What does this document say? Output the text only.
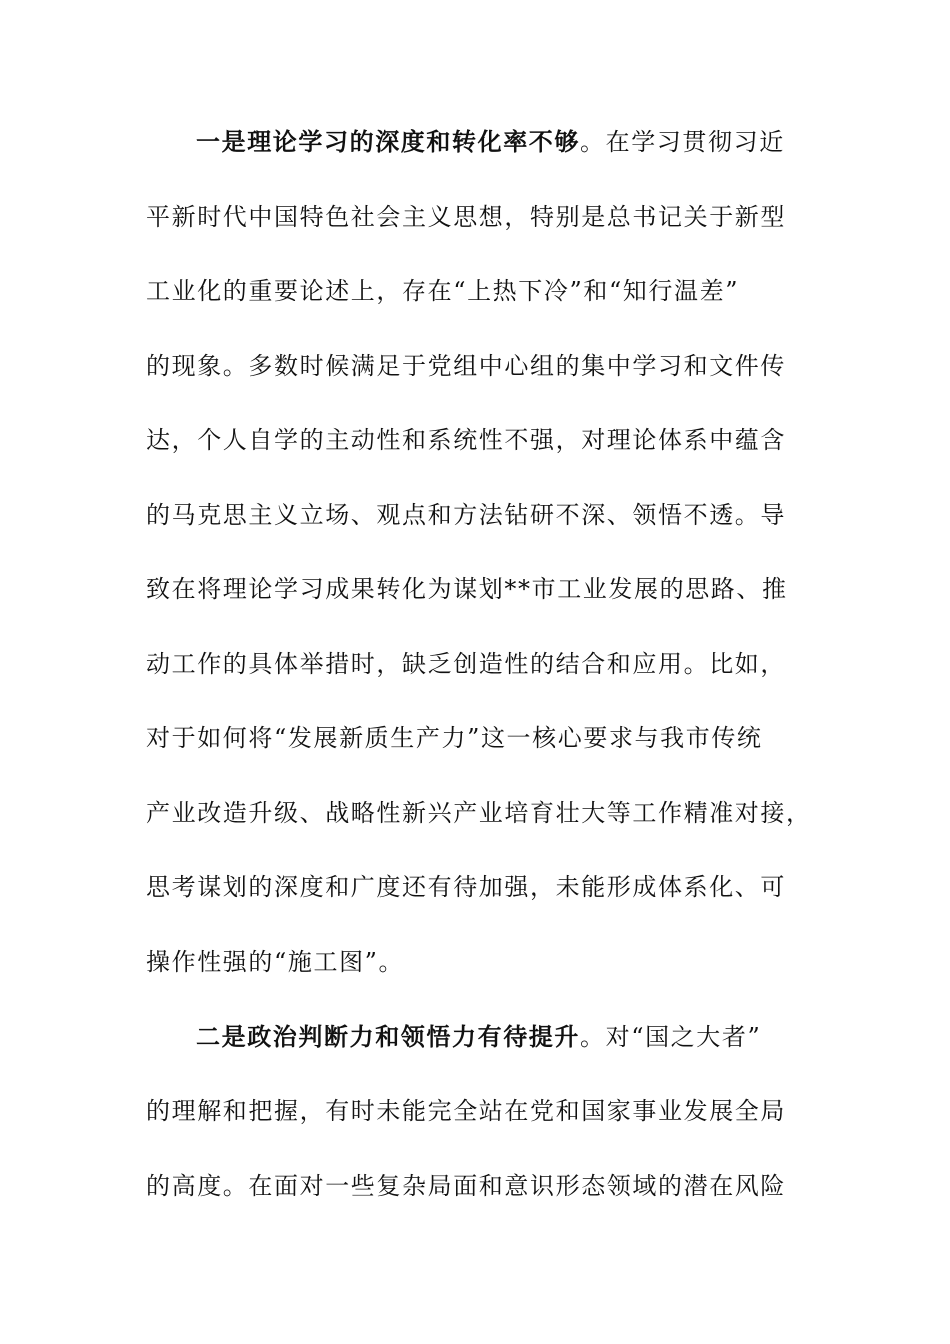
一是理论学习的深度和转化率不够。在学习贯彻习近
平新时代中国特色社会主义思想，特别是总书记关于新型
工业化的重要论述上，存在“上热下冷”和“知行温差”
的现象。多数时候满足于党组中心组的集中学习和文件传
达，个人自学的主动性和系统性不强，对理论体系中蕴含
的马克思主义立场、观点和方法钻研不深、领悟不透。导
致在将理论学习成果转化为谋划**市工业发展的思路、推
动工作的具体举措时，缺乏创造性的结合和应用。比如，
对于如何将“发展新质生产力”这一核心要求与我市传统
产业改造升级、战略性新兴产业培育壮大等工作精准对接，
思考谋划的深度和广度还有待加强，未能形成体系化、可
操作性强的“施工图”。
二是政治判断力和领悟力有待提升。对“国之大者”
的理解和把握，有时未能完全站在党和国家事业发展全局
的高度。在面对一些复杂局面和意识形态领域的潜在风险
